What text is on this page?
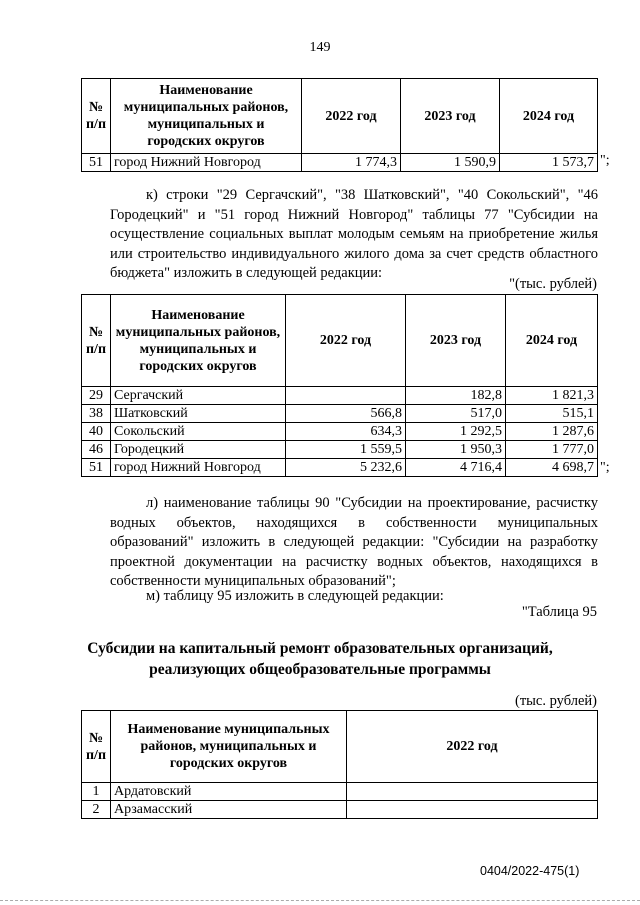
149
№ п/п	Наименование муниципальных районов, муниципальных и городских округов	2022 год	2023 год	2024 год
51	город Нижний Новгород	1 774,3	1 590,9	1 573,7 ";
к) строки "29 Сергачский", "38 Шатковский", "40 Сокольский", "46 Городецкий" и "51 город Нижний Новгород" таблицы 77 "Субсидии на осуществление социальных выплат молодым семьям на приобретение жилья или строительство индивидуального жилого дома за счет средств областного бюджета" изложить в следующей редакции:
"(тыс. рублей)
№ п/п	Наименование муниципальных районов, муниципальных и городских округов	2022 год	2023 год	2024 год
29	Сергачский		182,8	1 821,3
38	Шатковский	566,8	517,0	515,1
40	Сокольский	634,3	1 292,5	1 287,6
46	Городецкий	1 559,5	1 950,3	1 777,0
51	город Нижний Новгород	5 232,6	4 716,4	4 698,7 ";
л) наименование таблицы 90 "Субсидии на проектирование, расчистку водных объектов, находящихся в собственности муниципальных образований" изложить в следующей редакции: "Субсидии на разработку проектной документации на расчистку водных объектов, находящихся в собственности муниципальных образований";
м) таблицу 95 изложить в следующей редакции:
"Таблица 95
Субсидии на капитальный ремонт образовательных организаций,
реализующих общеобразовательные программы
(тыс. рублей)
№ п/п	Наименование муниципальных районов, муниципальных и городских округов	2022 год
1	Ардатовский	
2	Арзамасский	
0404/2022-475(1)
